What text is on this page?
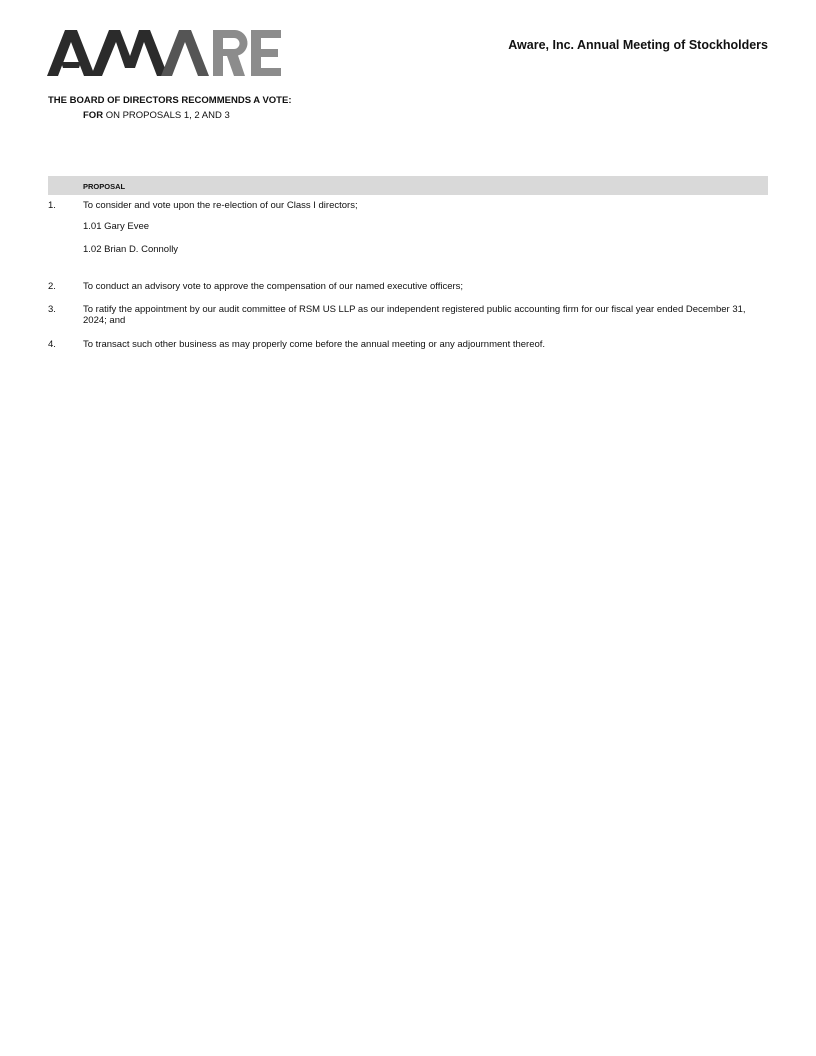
Aware, Inc. Annual Meeting of Stockholders
THE BOARD OF DIRECTORS RECOMMENDS A VOTE:
FOR ON PROPOSALS 1, 2 AND 3
PROPOSAL
1.	To consider and vote upon the re-election of our Class I directors;
1.01 Gary Evee
1.02 Brian D. Connolly
2.	To conduct an advisory vote to approve the compensation of our named executive officers;
3.	To ratify the appointment by our audit committee of RSM US LLP as our independent registered public accounting firm for our fiscal year ended December 31, 2024; and
4.	To transact such other business as may properly come before the annual meeting or any adjournment thereof.
